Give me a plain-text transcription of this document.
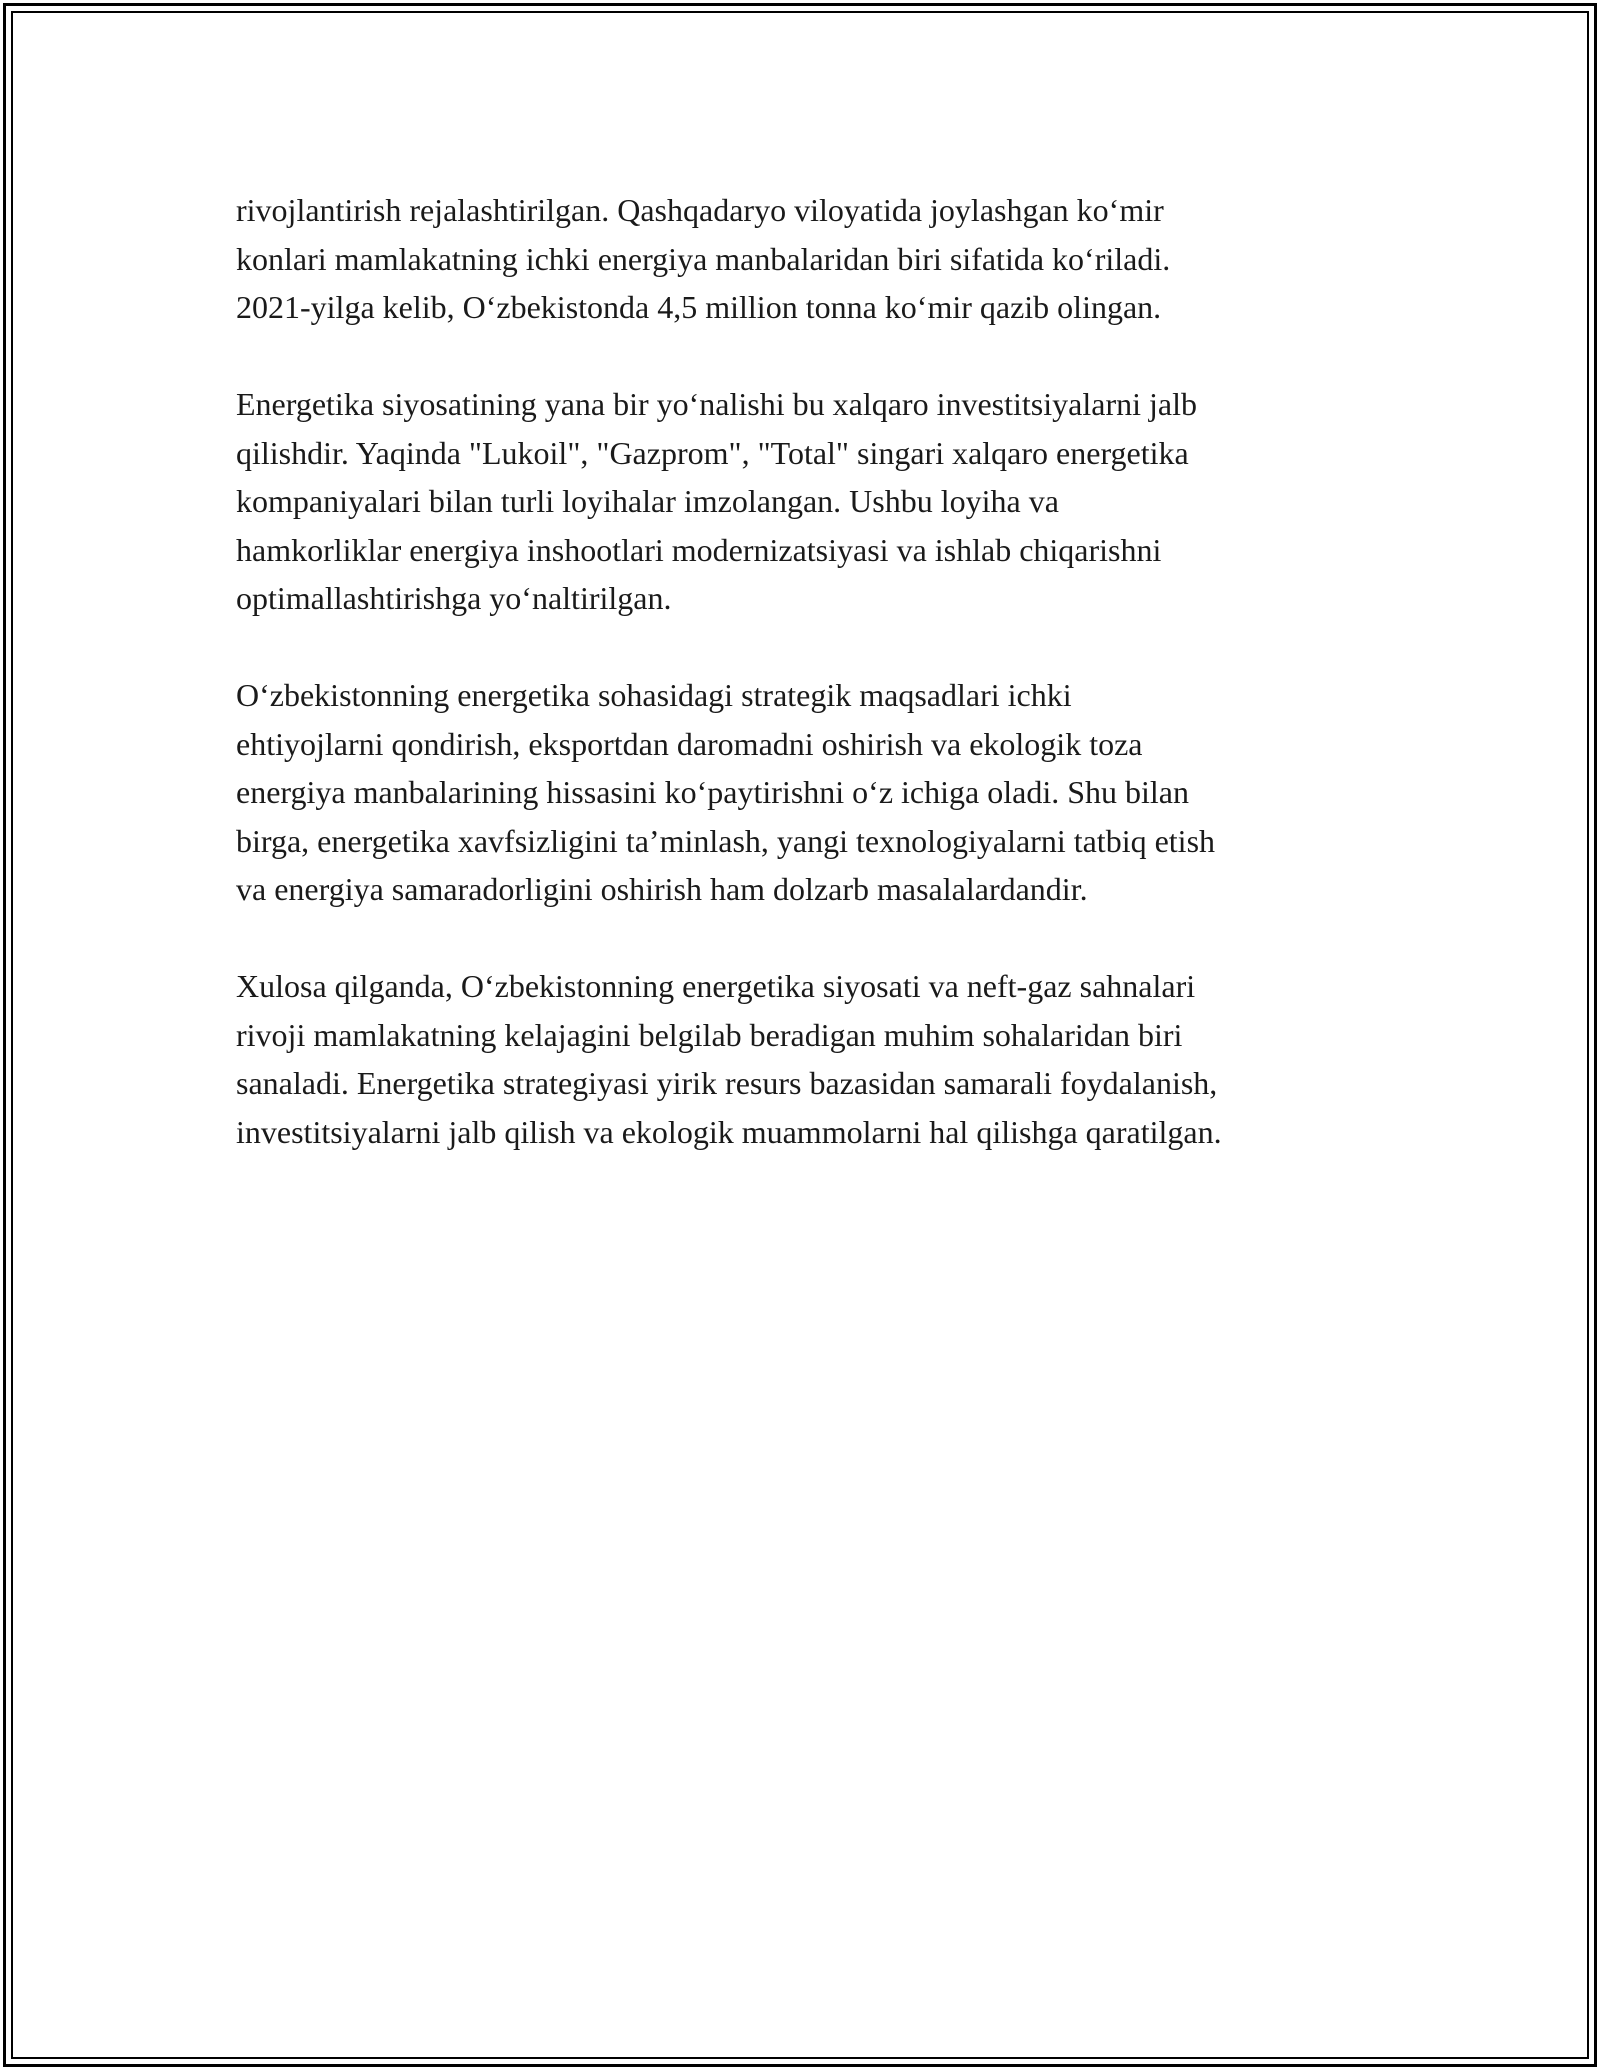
rivojlantirish rejalashtirilgan. Qashqadaryo viloyatida joylashgan ko‘mir
konlari mamlakatning ichki energiya manbalaridan biri sifatida ko‘riladi.
2021-yilga kelib, O‘zbekistonda 4,5 million tonna ko‘mir qazib olingan.

Energetika siyosatining yana bir yo‘nalishi bu xalqaro investitsiyalarni jalb
qilishdir. Yaqinda "Lukoil", "Gazprom", "Total" singari xalqaro energetika
kompaniyalari bilan turli loyihalar imzolangan. Ushbu loyiha va
hamkorliklar energiya inshootlari modernizatsiyasi va ishlab chiqarishni
optimallashtirishga yo‘naltirilgan.

O‘zbekistonning energetika sohasidagi strategik maqsadlari ichki
ehtiyojlarni qondirish, eksportdan daromadni oshirish va ekologik toza
energiya manbalarining hissasini ko‘paytirishni o‘z ichiga oladi. Shu bilan
birga, energetika xavfsizligini ta’minlash, yangi texnologiyalarni tatbiq etish
va energiya samaradorligini oshirish ham dolzarb masalalardandir.

Xulosa qilganda, O‘zbekistonning energetika siyosati va neft-gaz sahnalari
rivoji mamlakatning kelajagini belgilab beradigan muhim sohalaridan biri
sanaladi. Energetika strategiyasi yirik resurs bazasidan samarali foydalanish,
investitsiyalarni jalb qilish va ekologik muammolarni hal qilishga qaratilgan.
